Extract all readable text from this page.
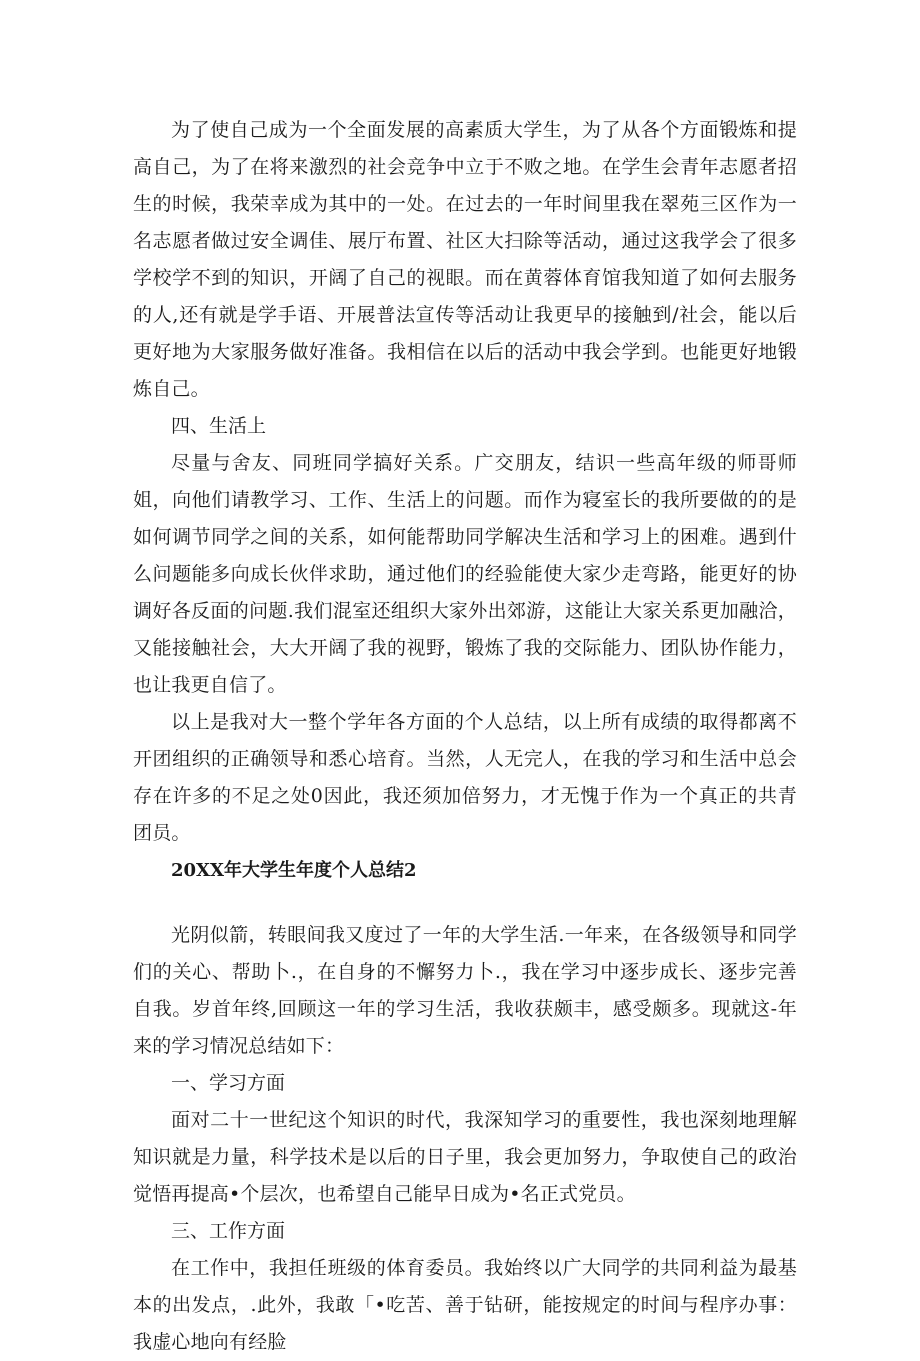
为了使自己成为一个全面发展的高素质大学生，为了从各个方面锻炼和提高自己，为了在将来激烈的社会竞争中立于不败之地。在学生会青年志愿者招生的时候，我荣幸成为其中的一处。在过去的一年时间里我在翠苑三区作为一名志愿者做过安全调佳、展厅布置、社区大扫除等活动，通过这我学会了很多学校学不到的知识，开阔了自己的视眼。而在黄蓉体育馆我知道了如何去服务的人,还有就是学手语、开展普法宣传等活动让我更早的接触到/社会，能以后更好地为大家服务做好准备。我相信在以后的活动中我会学到。也能更好地锻炼自己。

四、生活上

尽量与舍友、同班同学搞好关系。广交朋友，结识一些高年级的师哥师姐，向他们请教学习、工作、生活上的问题。而作为寝室长的我所要做的的是如何调节同学之间的关系，如何能帮助同学解决生活和学习上的困难。遇到什么问题能多向成长伙伴求助，通过他们的经验能使大家少走弯路，能更好的协调好各反面的问题.我们混室还组织大家外出郊游，这能让大家关系更加融洽，又能接触社会，大大开阔了我的视野，锻炼了我的交际能力、团队协作能力，也让我更自信了。

以上是我对大一整个学年各方面的个人总结，以上所有成绩的取得都离不开团组织的正确领导和悉心培育。当然，人无完人，在我的学习和生活中总会存在许多的不足之处0因此，我还须加倍努力，才无愧于作为一个真正的共青团员。

20XX年大学生年度个人总结2

光阴似箭，转眼间我又度过了一年的大学生活.一年来，在各级领导和同学们的关心、帮助卜.，在自身的不懈努力卜.，我在学习中逐步成长、逐步完善自我。岁首年终,回顾这一年的学习生活，我收获颇丰，感受颇多。现就这-年来的学习情况总结如下：

一、学习方面

面对二十一世纪这个知识的时代，我深知学习的重要性，我也深刻地理解知识就是力量，科学技术是以后的日子里，我会更加努力，争取使自己的政治觉悟再提高•个层次，也希望自己能早日成为•名正式党员。

三、工作方面

在工作中，我担任班级的体育委员。我始终以广大同学的共同利益为最基本的出发点，.此外，我敢「•吃苦、善于钻研，能按规定的时间与程序办事：我虚心地向有经脸
